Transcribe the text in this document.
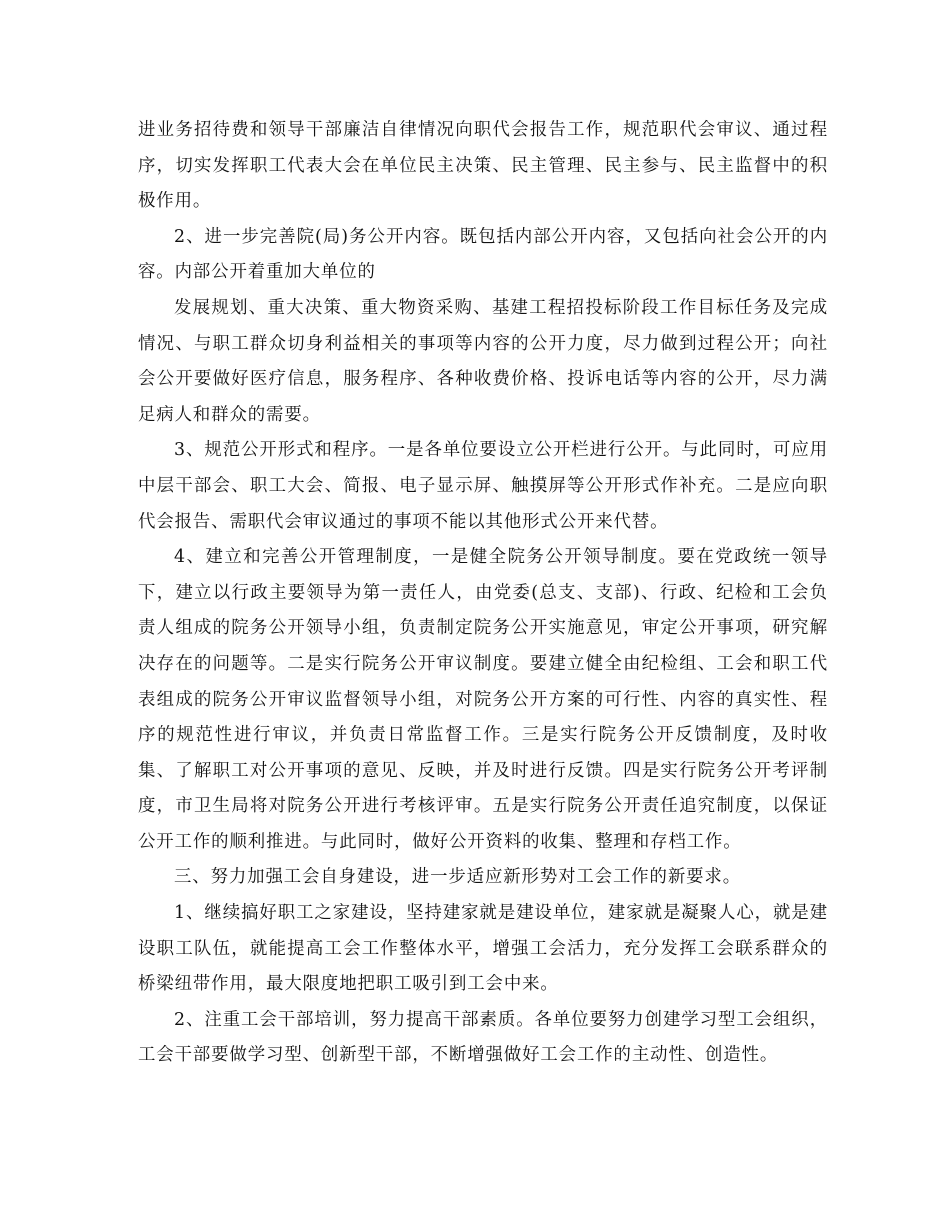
进业务招待费和领导干部廉洁自律情况向职代会报告工作，规范职代会审议、通过程序，切实发挥职工代表大会在单位民主决策、民主管理、民主参与、民主监督中的积极作用。

2、进一步完善院(局)务公开内容。既包括内部公开内容，又包括向社会公开的内容。内部公开着重加大单位的

发展规划、重大决策、重大物资采购、基建工程招投标阶段工作目标任务及完成情况、与职工群众切身利益相关的事项等内容的公开力度，尽力做到过程公开；向社会公开要做好医疗信息，服务程序、各种收费价格、投诉电话等内容的公开，尽力满足病人和群众的需要。

3、规范公开形式和程序。一是各单位要设立公开栏进行公开。与此同时，可应用中层干部会、职工大会、简报、电子显示屏、触摸屏等公开形式作补充。二是应向职代会报告、需职代会审议通过的事项不能以其他形式公开来代替。

4、建立和完善公开管理制度，一是健全院务公开领导制度。要在党政统一领导下，建立以行政主要领导为第一责任人，由党委(总支、支部)、行政、纪检和工会负责人组成的院务公开领导小组，负责制定院务公开实施意见，审定公开事项，研究解决存在的问题等。二是实行院务公开审议制度。要建立健全由纪检组、工会和职工代表组成的院务公开审议监督领导小组，对院务公开方案的可行性、内容的真实性、程序的规范性进行审议，并负责日常监督工作。三是实行院务公开反馈制度，及时收集、了解职工对公开事项的意见、反映，并及时进行反馈。四是实行院务公开考评制度，市卫生局将对院务公开进行考核评审。五是实行院务公开责任追究制度，以保证公开工作的顺利推进。与此同时，做好公开资料的收集、整理和存档工作。

三、努力加强工会自身建设，进一步适应新形势对工会工作的新要求。

1、继续搞好职工之家建设，坚持建家就是建设单位，建家就是凝聚人心，就是建设职工队伍，就能提高工会工作整体水平，增强工会活力，充分发挥工会联系群众的桥梁纽带作用，最大限度地把职工吸引到工会中来。

2、注重工会干部培训，努力提高干部素质。各单位要努力创建学习型工会组织，工会干部要做学习型、创新型干部，不断增强做好工会工作的主动性、创造性。
